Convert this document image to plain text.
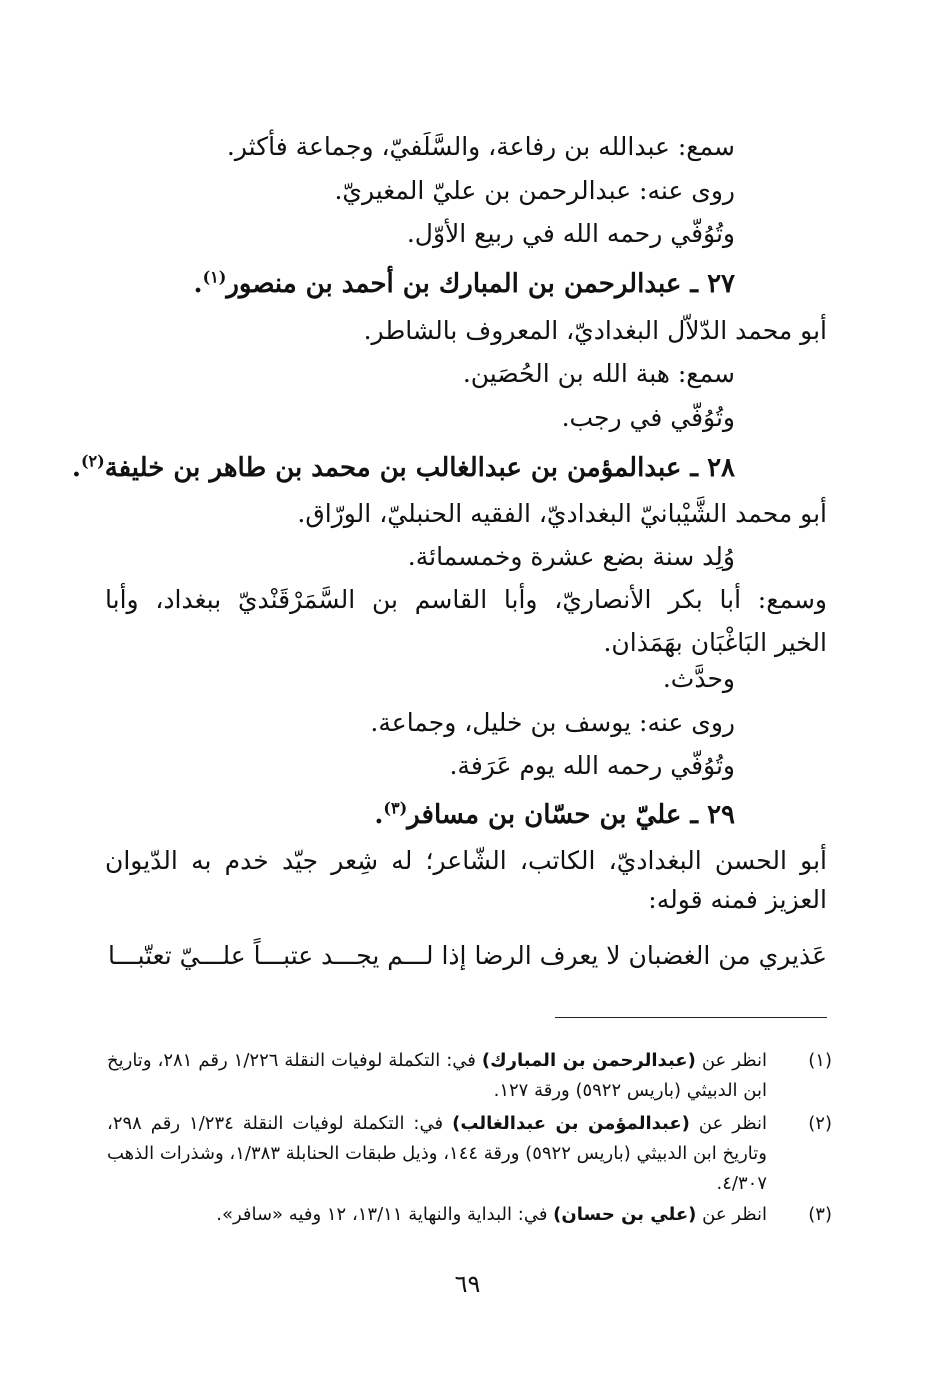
سمع: عبدالله بن رفاعة، والسَّلَفيّ، وجماعة فأكثر.
روى عنه: عبدالرحمن بن عليّ المغيريّ.
وتُوُفّي رحمه الله في ربيع الأوّل.
٢٧ ـ عبدالرحمن بن المبارك بن أحمد بن منصور$^{(١)}$.
أبو محمد الدّلاّل البغداديّ، المعروف بالشاطر.
سمع: هبة الله بن الحُصَين.
وتُوُفّي في رجب.
٢٨ ـ عبدالمؤمن بن عبدالغالب بن محمد بن طاهر بن خليفة$^{(٢)}$.
أبو محمد الشَّيْبانيّ البغداديّ، الفقيه الحنبليّ، الورّاق.
وُلِد سنة بضع عشرة وخمسمائة.
وسمع: أبا بكر الأنصاريّ، وأبا القاسم بن السَّمَرْقَنْديّ ببغداد، وأبا
الخير البَاغْبَان بهَمَذان.
وحدَّث.
روى عنه: يوسف بن خليل، وجماعة.
وتُوُفّي رحمه الله يوم عَرَفة.
٢٩ ـ عليّ بن حسّان بن مسافر$^{(٣)}$.
أبو الحسن البغداديّ، الكاتب، الشّاعر؛ له شِعر جيّد خدم به الدّيوان
العزيز فمنه قوله:
عَذيري من الغضبان لا يعرف الرضا
إذا لـــم يجـــد عتبـــاً علـــيّ تعتّبـــا
(١)
انظر عن (عبدالرحمن بن المبارك) في: التكملة لوفيات النقلة ١/٢٢٦ رقم ٢٨١، وتاريخ ابن الدبيثي (باريس ٥٩٢٢) ورقة ١٢٧.
(٢)
انظر عن (عبدالمؤمن بن عبدالغالب) في: التكملة لوفيات النقلة ١/٢٣٤ رقم ٢٩٨، وتاريخ ابن الدبيثي (باريس ٥٩٢٢) ورقة ١٤٤، وذيل طبقات الحنابلة ١/٣٨٣، وشذرات الذهب ٤/٣٠٧.
(٣)
انظر عن (علي بن حسان) في: البداية والنهاية ١٣/١١، ١٢ وفيه «سافر».
٦٩
